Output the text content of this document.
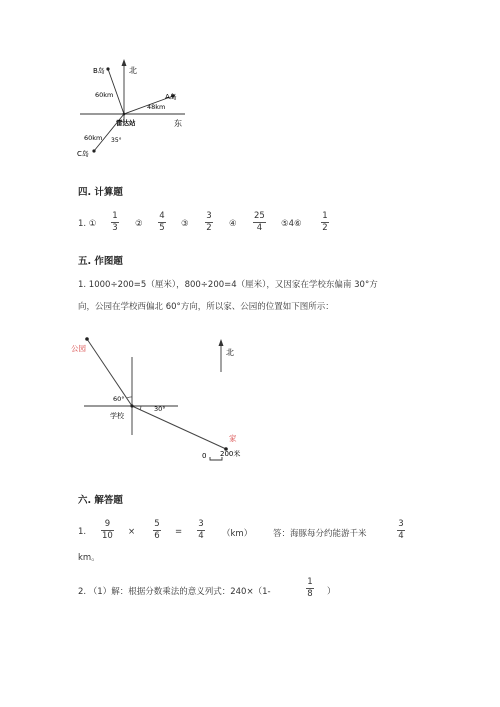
B岛	北
60km	A岛
48km
雷达站	东
60km 35°
C岛
四. 计算题
1. ①
1
3 ②
4
5 ③
3
2 ④
25
4 ⑤4⑥
1
2
五. 作图题
1. 1000÷200=5（厘米），800÷200=4（厘米），又因家在学校东偏南 30°方
向，公园在学校西偏北 60°方向，所以家、公园的位置如下图所示：
北
公园
60°
30°
学校
家
0 200米
六. 解答题
1.
9
10 ×
5
6 =
3
4 （km） 答：海豚每分约能游千米
3
4
km。
2. （1）解：根据分数乘法的意义列式：240×（1-
1
8 ）
